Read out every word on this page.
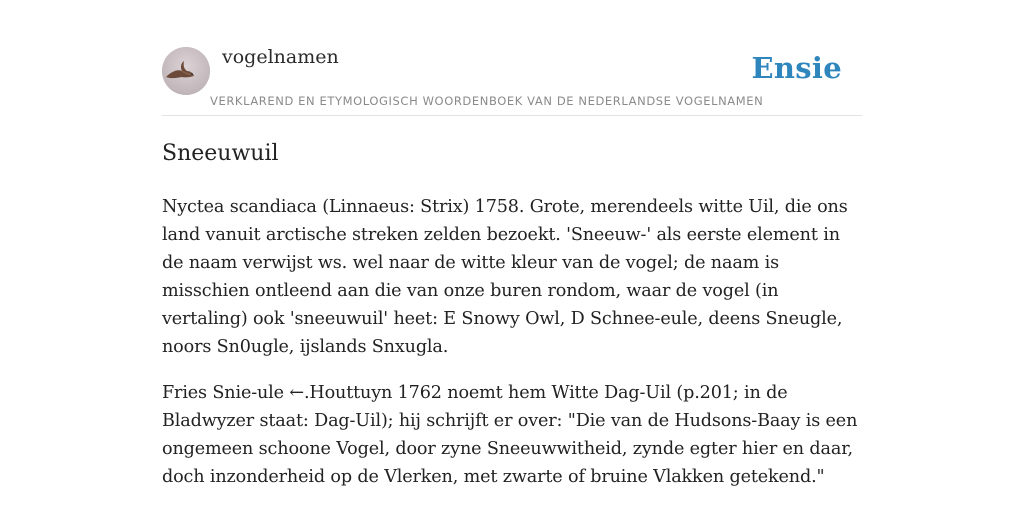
vogelnamen	Ensie
VERKLAREND EN ETYMOLOGISCH WOORDENBOEK VAN DE NEDERLANDSE VOGELNAMEN
Sneeuwuil

Nyctea scandiaca (Linnaeus: Strix) 1758. Grote, merendeels witte Uil, die ons land vanuit arctische streken zelden bezoekt. 'Sneeuw-' als eerste element in de naam verwijst ws. wel naar de witte kleur van de vogel; de naam is misschien ontleend aan die van onze buren rondom, waar de vogel (in vertaling) ook 'sneeuwuil' heet: E Snowy Owl, D Schnee-eule, deens Sneugle, noors Sn0ugle, ijslands Snxugla.

Fries Snie-ule ←.Houttuyn 1762 noemt hem Witte Dag-Uil (p.201; in de Bladwyzer staat: Dag-Uil); hij schrijft er over: "Die van de Hudsons-Baay is een ongemeen schoone Vogel, door zyne Sneeuwwitheid, zynde egter hier en daar, doch inzonderheid op de Vlerken, met zwarte of bruine Vlakken getekend."
